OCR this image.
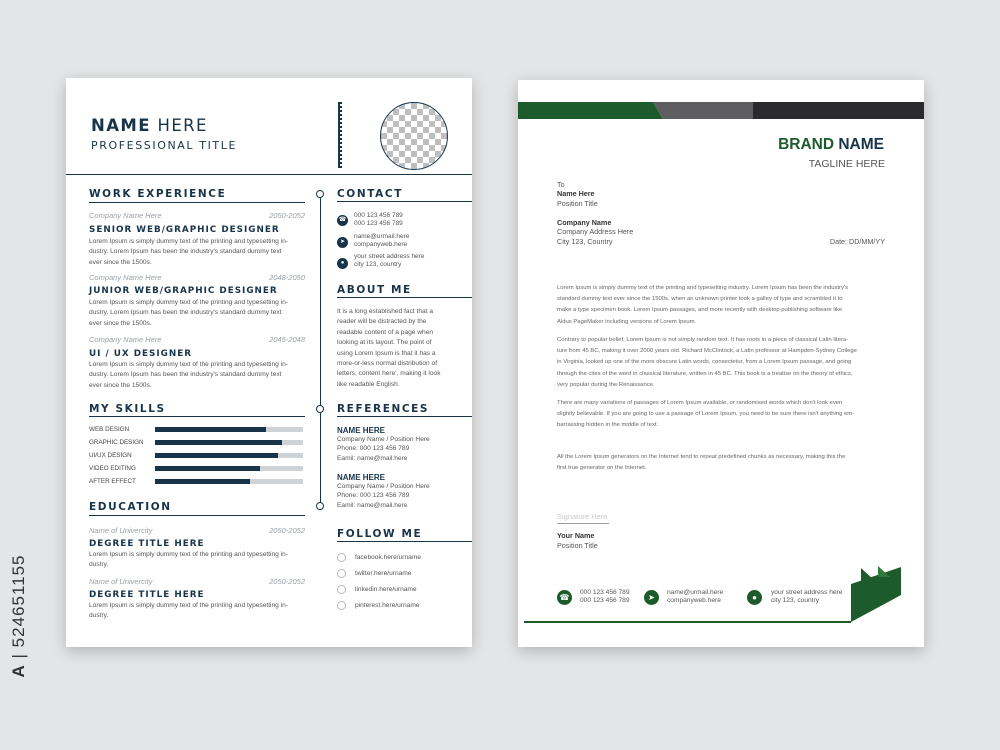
NAME HERE
PROFESSIONAL TITLE
WORK EXPERIENCE
Company Name Here	2050-2052
SENIOR WEB/GRAPHIC DESIGNER
Lorem Ipsum is simply dummy text of the printing and typesetting in-
dustry. Lorem Ipsum has been the industry's standard dummy text
ever since the 1500s.
Company Name Here	2048-2050
JUNIOR WEB/GRAPHIC DESIGNER
Lorem Ipsum is simply dummy text of the printing and typesetting in-
dustry. Lorem Ipsum has been the industry's standard dummy text
ever since the 1500s.
Company Name Here	2045-2048
UI / UX DESIGNER
Lorem Ipsum is simply dummy text of the printing and typesetting in-
dustry. Lorem Ipsum has been the industry's standard dummy text
ever since the 1500s.
MY SKILLS
WEB DESIGN
GRAPHIC DESIGN
UI/UX DESIGN
VIDEO EDITING
AFTER EFFECT
EDUCATION
Name of Univercity	2050-2052
DEGREE TITLE HERE
Lorem Ipsum is simply dummy text of the printing and typesetting in-
dustry.
Name of Univercity	2050-2052
DEGREE TITLE HERE
Lorem Ipsum is simply dummy text of the printing and typesetting in-
dustry.
CONTACT
☎
000 123 456 789
000 123 456 789
➤
name@urmail.here
companyweb.here
●
your street address here
city 123, country
ABOUT ME
It is a long established fact that a
reader will be distracted by the
readable content of a page when
looking at its layout. The point of
using Lorem Ipsum is that it has a
more-or-less normal distribution of
letters, content here', making it look
like readable English.
REFERENCES
NAME HERE
Company Name / Position Here
Phone: 000 123 456 789
Eamil: name@mail.here
NAME HERE
Company Name / Position Here
Phone: 000 123 456 789
Eamil: name@mail.here
FOLLOW ME
facebook.here/urname
twitter.here/urname
linkedin.here/urname
pinterest.here/urname
BRAND NAME
TAGLINE HERE
To
Name Here
Position Title
Company Name
Company Address Here
City 123, Country	Date: DD/MM/YY
Lorem Ipsum is simply dummy text of the printing and typesetting industry. Lorem Ipsum has been the industry's
standard dummy text ever since the 1500s, when an unknown printer took a galley of type and scrambled it to
make a type specimen book. Lorem Ipsum passages, and more recently with desktop publishing software like
Aldus PageMaker including versions of Lorem Ipsum.
Contrary to popular belief, Lorem Ipsum is not simply random text. It has roots in a piece of classical Latin litera-
ture from 45 BC, making it over 2000 years old. Richard McClintock, a Latin professor at Hampden-Sydney College
in Virginia, looked up one of the more obscure Latin words, consectetur, from a Lorem Ipsum passage, and going
through the cites of the word in classical literature, written in 45 BC. This book is a treatise on the theory of ethics,
very popular during the Renaissance.
There are many variations of passages of Lorem Ipsum available, or randomised words which don't look even
slightly believable. If you are going to use a passage of Lorem Ipsum, you need to be sure there isn't anything em-
barrassing hidden in the middle of text.
All the Lorem Ipsum generators on the Internet tend to repeat predefined chunks as necessary, making this the
first true generator on the Internet.
Signature Here
Your Name
Position Title
☎
000 123 456 789
000 123 456 789	➤
name@urmail.here
companyweb.here	●
your street address here
city 123, country
A | 524651155
